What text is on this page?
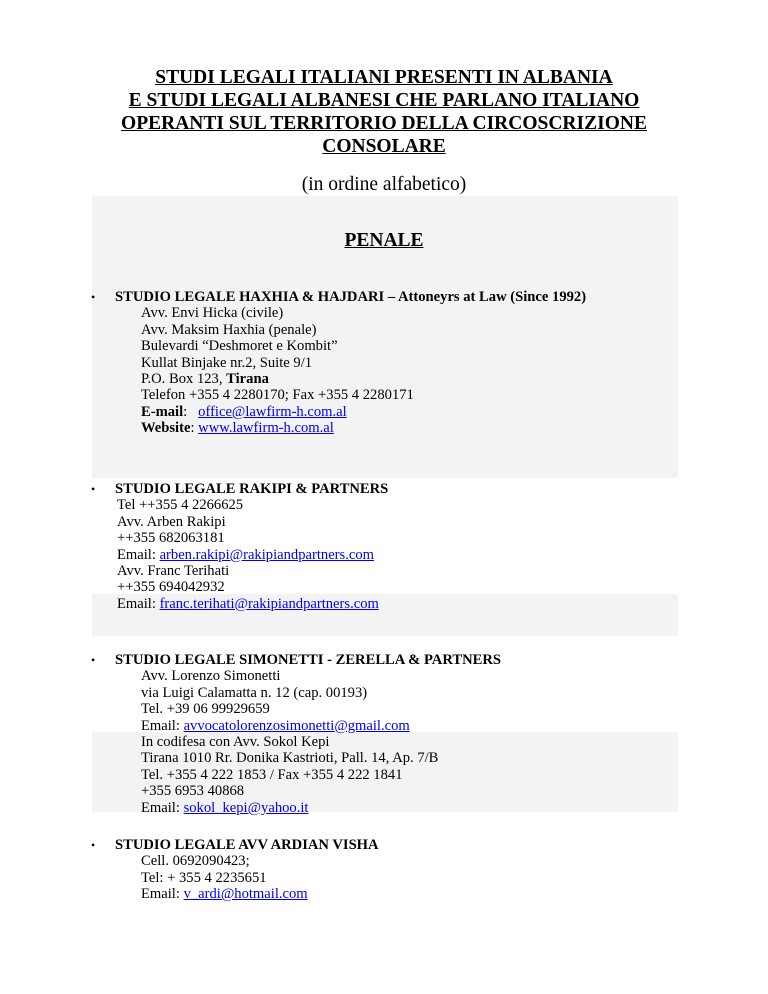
STUDI LEGALI ITALIANI PRESENTI IN ALBANIA
E STUDI LEGALI ALBANESI CHE PARLANO ITALIANO
OPERANTI SUL TERRITORIO DELLA CIRCOSCRIZIONE
CONSOLARE
(in ordine alfabetico)
PENALE
• STUDIO LEGALE HAXHIA & HAJDARI – Attoneyrs at Law (Since 1992)
Avv. Envi Hicka (civile)
Avv. Maksim Haxhia (penale)
Bulevardi “Deshmoret e Kombit”
Kullat Binjake nr.2, Suite 9/1
P.O. Box 123, Tirana
Telefon +355 4 2280170; Fax +355 4 2280171
E-mail:   office@lawfirm-h.com.al
Website: www.lawfirm-h.com.al
• STUDIO LEGALE RAKIPI & PARTNERS
Tel ++355 4 2266625
Avv. Arben Rakipi
++355 682063181
Email: arben.rakipi@rakipiandpartners.com
Avv. Franc Terihati
++355 694042932
Email: franc.terihati@rakipiandpartners.com
• STUDIO LEGALE SIMONETTI - ZERELLA & PARTNERS
Avv. Lorenzo Simonetti
via Luigi Calamatta n. 12 (cap. 00193)
Tel. +39 06 99929659
Email: avvocatolorenzosimonetti@gmail.com
In codifesa con Avv. Sokol Kepi
Tirana 1010 Rr. Donika Kastrioti, Pall. 14, Ap. 7/B
Tel. +355 4 222 1853 / Fax +355 4 222 1841
+355 6953 40868
Email: sokol_kepi@yahoo.it
• STUDIO LEGALE AVV ARDIAN VISHA
Cell. 0692090423;
Tel: + 355 4 2235651
Email: v_ardi@hotmail.com
